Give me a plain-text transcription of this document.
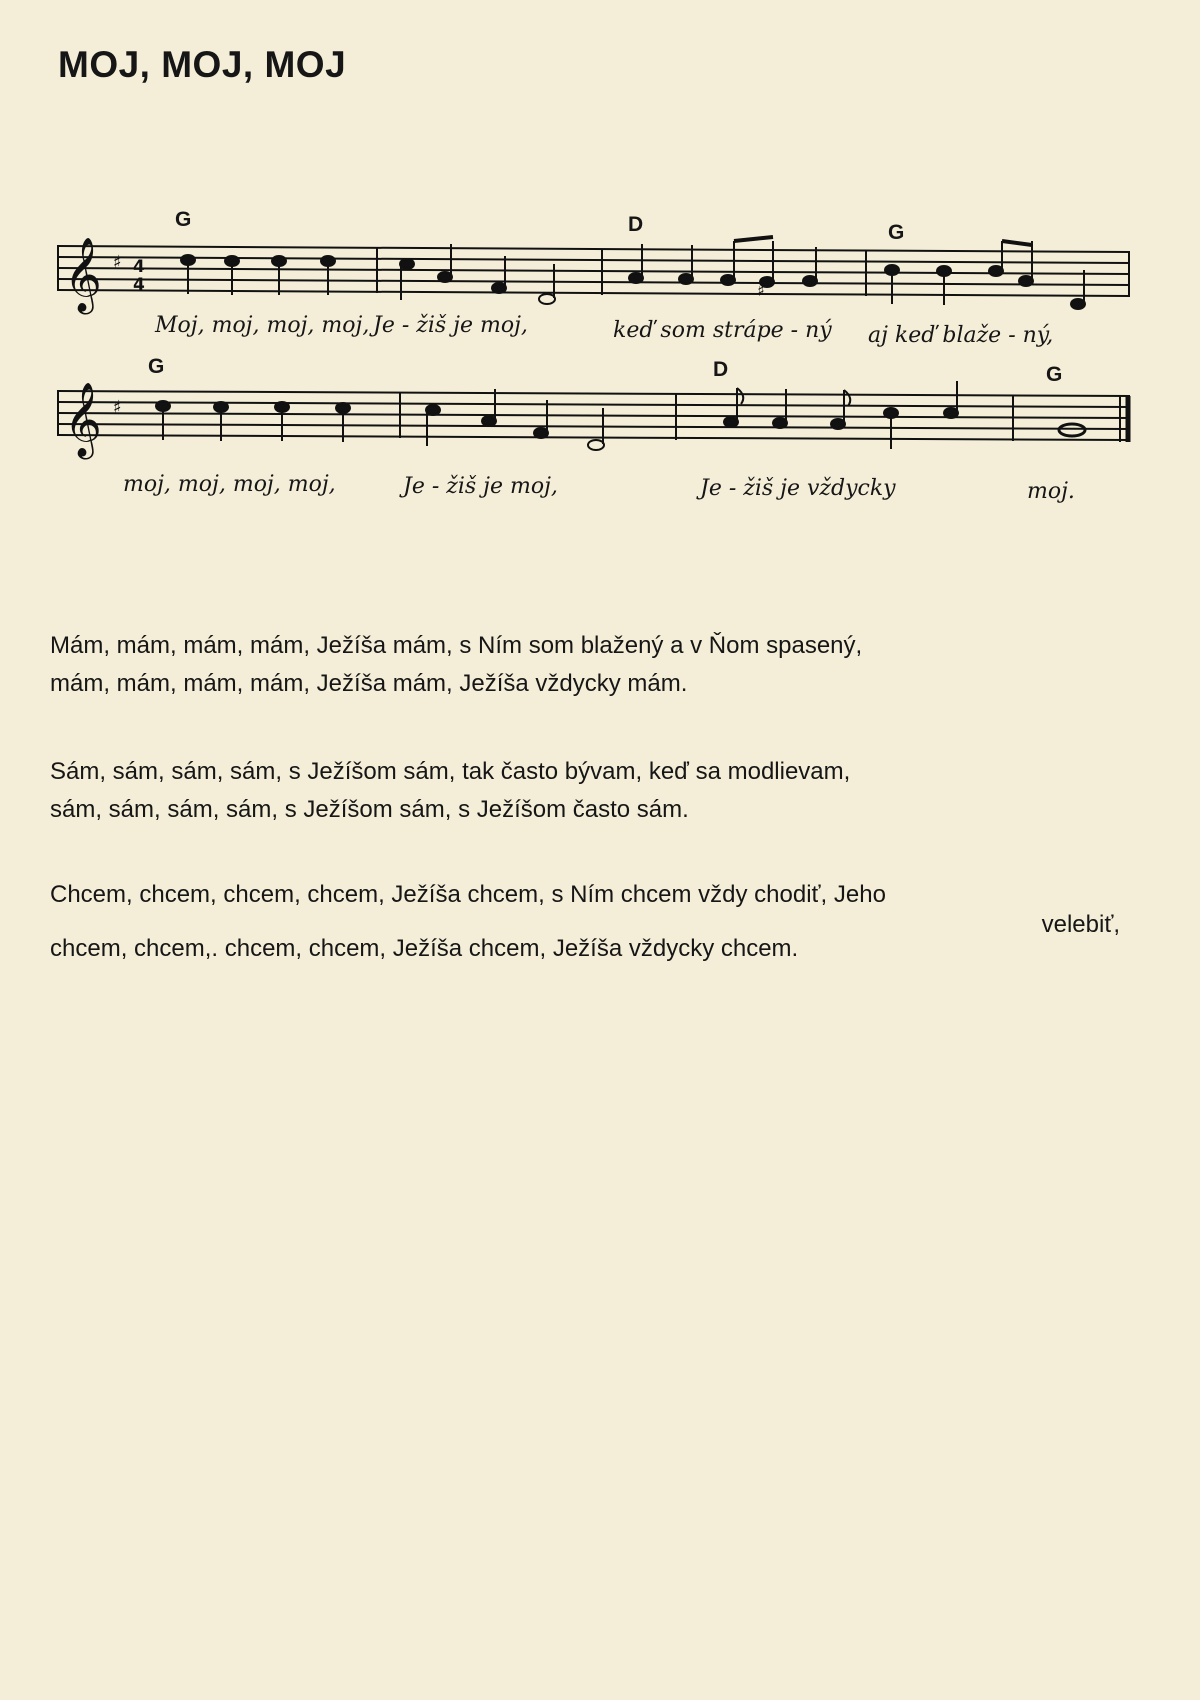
MOJ, MOJ, MOJ
G	D	G
𝄞 ♯ 4
4	♯
Moj, moj, moj, moj, Je - žiš je moj,	keď som strápe - ný aj keď blaže - ný,
G	D	G
𝄞 ♯
moj, moj, moj, moj,	Je - žiš je moj,	Je - žiš je vždycky	moj.

Mám, mám, mám, mám, Ježíša mám, s Ním som blažený a v Ňom spasený,

mám, mám, mám, mám, Ježíša mám, Ježíša vždycky mám.

Sám, sám, sám, sám, s Ježíšom sám, tak často bývam, keď sa modlievam,

sám, sám, sám, sám, s Ježíšom sám, s Ježíšom často sám.

Chcem, chcem, chcem, chcem, Ježíša chcem, s Ním chcem vždy chodiť, Jeho

velebiť,

chcem, chcem,. chcem, chcem, Ježíša chcem, Ježíša vždycky chcem.
